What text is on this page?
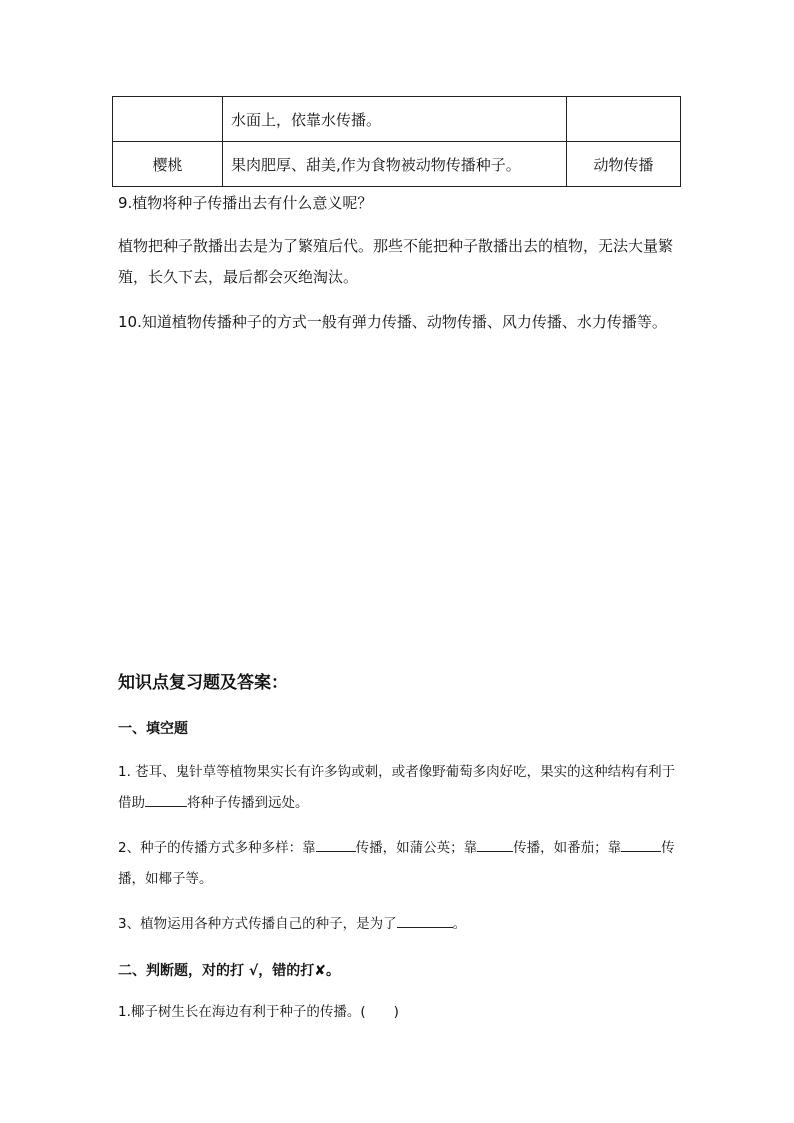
	水面上，依靠水传播。	
樱桃	果肉肥厚、甜美,作为食物被动物传播种子。	动物传播

9.植物将种子传播出去有什么意义呢？

植物把种子散播出去是为了繁殖后代。那些不能把种子散播出去的植物，无法大量繁殖，长久下去，最后都会灭绝淘汰。

10.知道植物传播种子的方式一般有弹力传播、动物传播、风力传播、水力传播等。

知识点复习题及答案：

一、填空题

1. 苍耳、鬼针草等植物果实长有许多钩或刺，或者像野葡萄多肉好吃，果实的这种结构有利于借助	将种子传播到远处。

2、种子的传播方式多种多样：靠	传播，如蒲公英；靠	传播，如番茄；靠	传播，如椰子等。

3、植物运用各种方式传播自己的种子，是为了	。

二、判断题，对的打 √，错的打✘。

1.椰子树生长在海边有利于种子的传播。( )
